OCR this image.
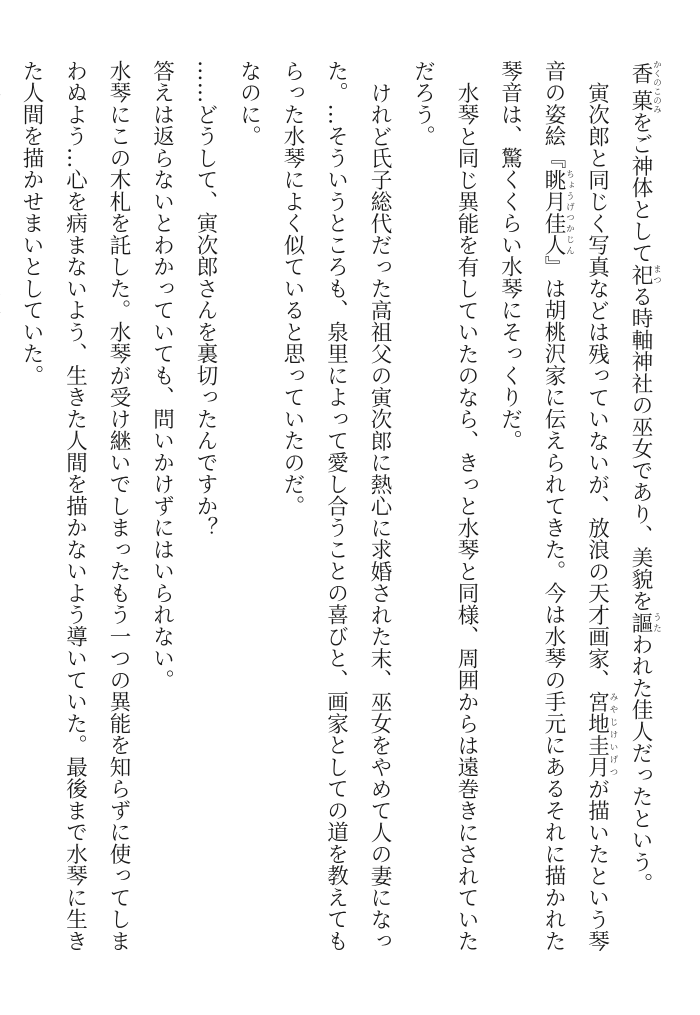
香菓かくのこのみをご神体として祀まつる時軸神社の巫女であり、美貌を謳うたわれた佳人だったという。

寅次郎と同じく写真などは残っていないが、放浪の天才画家、宮地圭月みやじけいげつが描いたという琴音の姿絵『眺月佳人ちょうげつかじん』は胡桃沢家に伝えられてきた。今は水琴の手元にあるそれに描かれた琴音は、驚くくらい水琴にそっくりだ。

水琴と同じ異能を有していたのなら、きっと水琴と同様、周囲からは遠巻きにされていただろう。

けれど氏子総代だった高祖父の寅次郎に熱心に求婚された末、巫女をやめて人の妻になった。…そういうところも、泉里によって愛し合うことの喜びと、画家としての道を教えてもらった水琴によく似ていると思っていたのだ。

なのに。

……どうして、寅次郎さんを裏切ったんですか？

答えは返らないとわかっていても、問いかけずにはいられない。

水琴にこの木札を託した。水琴が受け継いでしまったもう一つの異能を知らずに使ってしまわぬよう…心を病まないよう、生きた人間を描かないよう導いていた。最後まで水琴に生きた人間を描かせまいとしていた。
